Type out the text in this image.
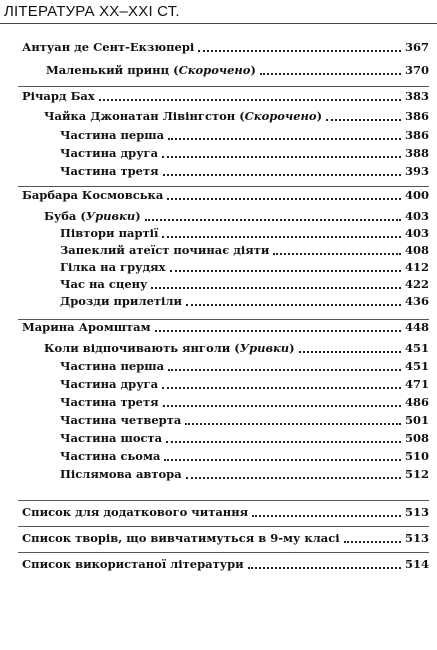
ЛІТЕРАТУРА XX–XXI СТ.
Антуан де Сент-Екзюпері	367
Маленький принц (Скорочено)	370
Річард Бах	383
Чайка Джонатан Лівінгстон (Скорочено)	386
Частина перша	386
Частина друга	388
Частина третя	393
Барбара Космовська	400
Буба (Уривки)	403
Півтори партії	403
Запеклий атеїст починає діяти	408
Гілка на грудях	412
Час на сцену	422
Дрозди прилетіли	436
Марина Аромштам	448
Коли відпочивають янголи (Уривки)	451
Частина перша	451
Частина друга	471
Частина третя	486
Частина четверта	501
Частина шоста	508
Частина сьома	510
Післямова автора	512
Список для додаткового читання	513
Список творів, що вивчатимуться в 9-му класі	513
Список використаної літератури	514
